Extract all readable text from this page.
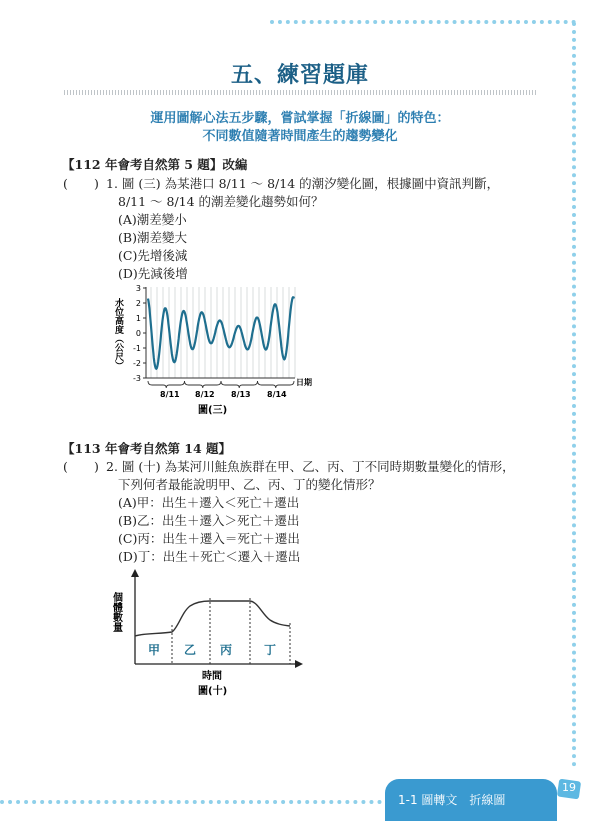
五、練習題庫
運用圖解心法五步驟，嘗試掌握「折線圖」的特色：
不同數值隨著時間產生的趨勢變化
【112 年會考自然第 5 題】改編
( ) 1. 圖 (三) 為某港口 8/11 ～ 8/14 的潮汐變化圖，根據圖中資訊判斷，
8/11 ～ 8/14 的潮差變化趨勢如何？
(A)潮差變小
(B)潮差變大
(C)先增後減
(D)先減後增
3
2
1
0
-1
-2
-3
水位高度（公尺）
日期
8/11 8/12 8/13 8/14
圖(三)
【113 年會考自然第 14 題】
( ) 2. 圖 (十) 為某河川鮭魚族群在甲、乙、丙、丁不同時期數量變化的情形，
下列何者最能說明甲、乙、丙、丁的變化情形？
(A)甲：出生＋遷入＜死亡＋遷出
(B)乙：出生＋遷入＞死亡＋遷出
(C)丙：出生＋遷入＝死亡＋遷出
(D)丁：出生＋死亡＜遷入＋遷出
個體數量
甲 乙 丙	丁
時間
圖(十)
1-1 圖轉文　折線圖
19
